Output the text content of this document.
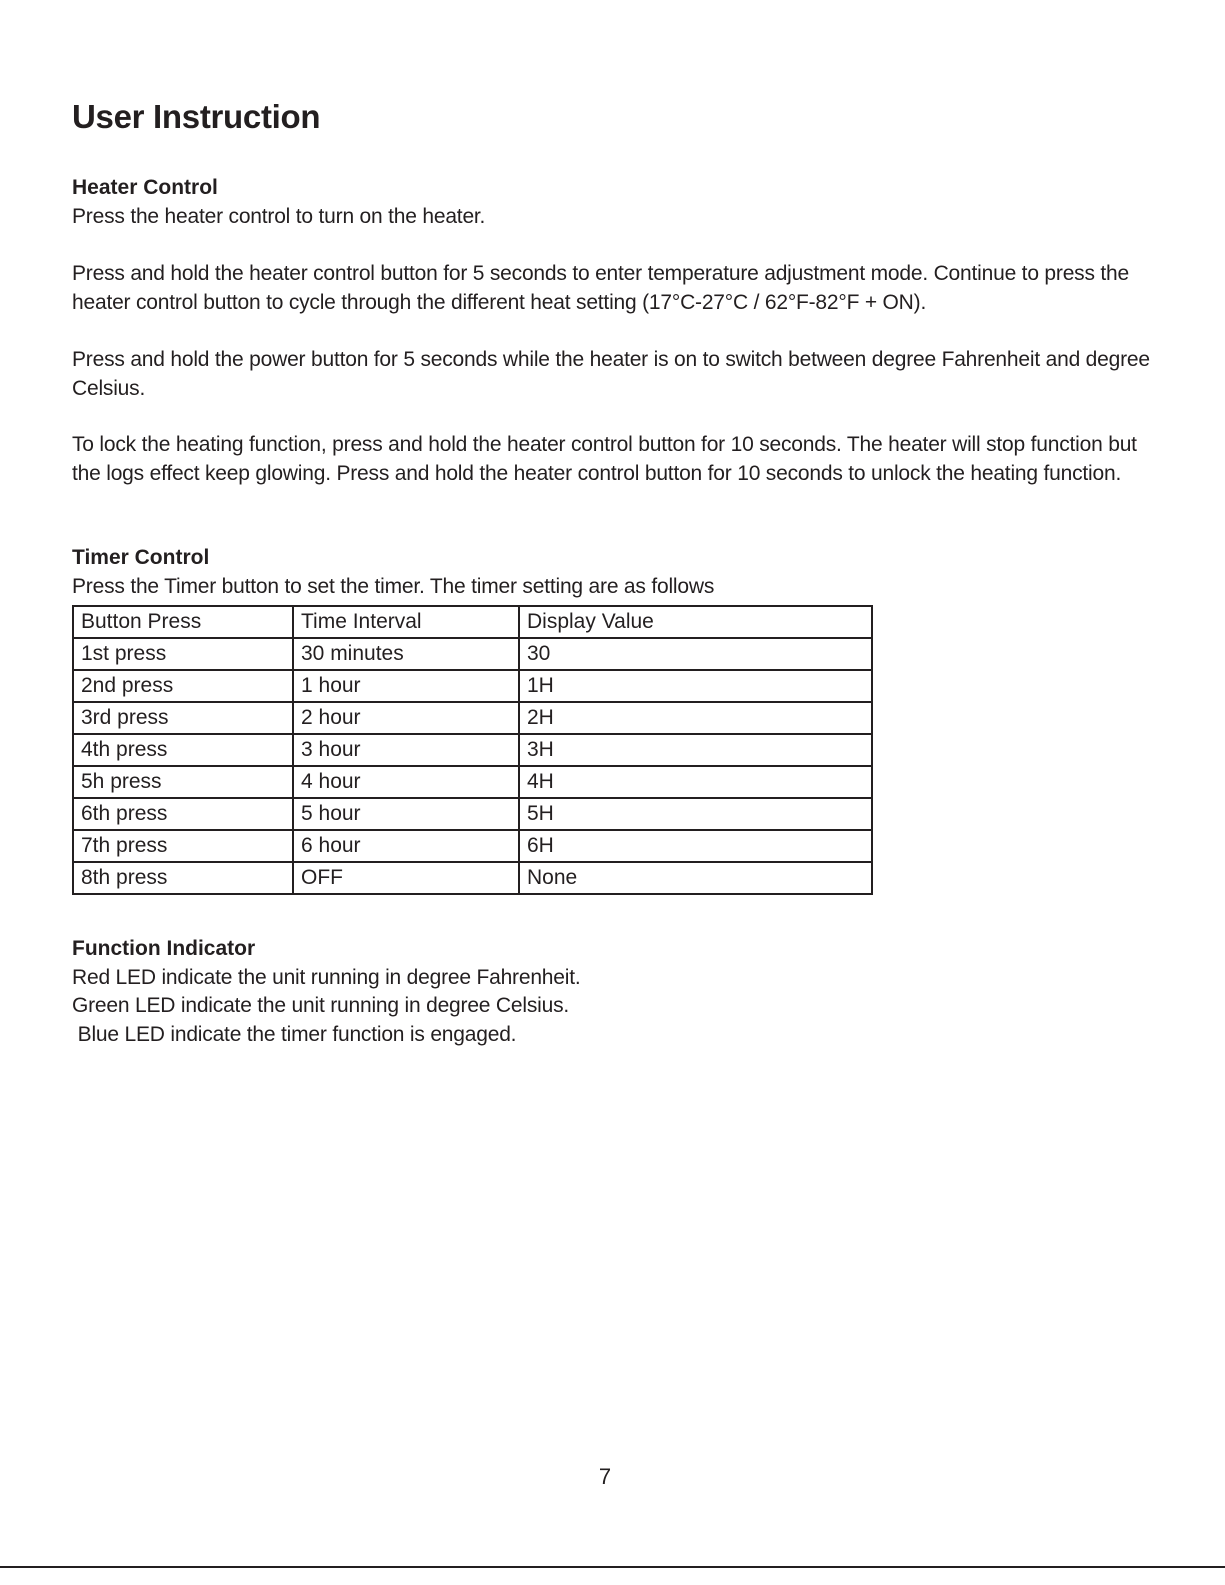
User Instruction
Heater Control

Press the heater control to turn on the heater.

Press and hold the heater control button for 5 seconds to enter temperature adjustment mode. Continue to press the heater control button to cycle through the different heat setting (17°C-27°C / 62°F-82°F + ON).

Press and hold the power button for 5 seconds while the heater is on to switch between degree Fahrenheit and degree Celsius.

To lock the heating function, press and hold the heater control button for 10 seconds. The heater will stop function but the logs effect keep glowing. Press and hold the heater control button for 10 seconds to unlock the heating function.

Timer Control

Press the Timer button to set the timer. The timer setting are as follows

Button Press	Time Interval	Display Value
1st press	30 minutes	30
2nd press	1 hour	1H
3rd press	2 hour	2H
4th press	3 hour	3H
5h press	4 hour	4H
6th press	5 hour	5H
7th press	6 hour	6H
8th press	OFF	None
Function Indicator

Red LED indicate the unit running in degree Fahrenheit.

Green LED indicate the unit running in degree Celsius.

Blue LED indicate the timer function is engaged.

7
